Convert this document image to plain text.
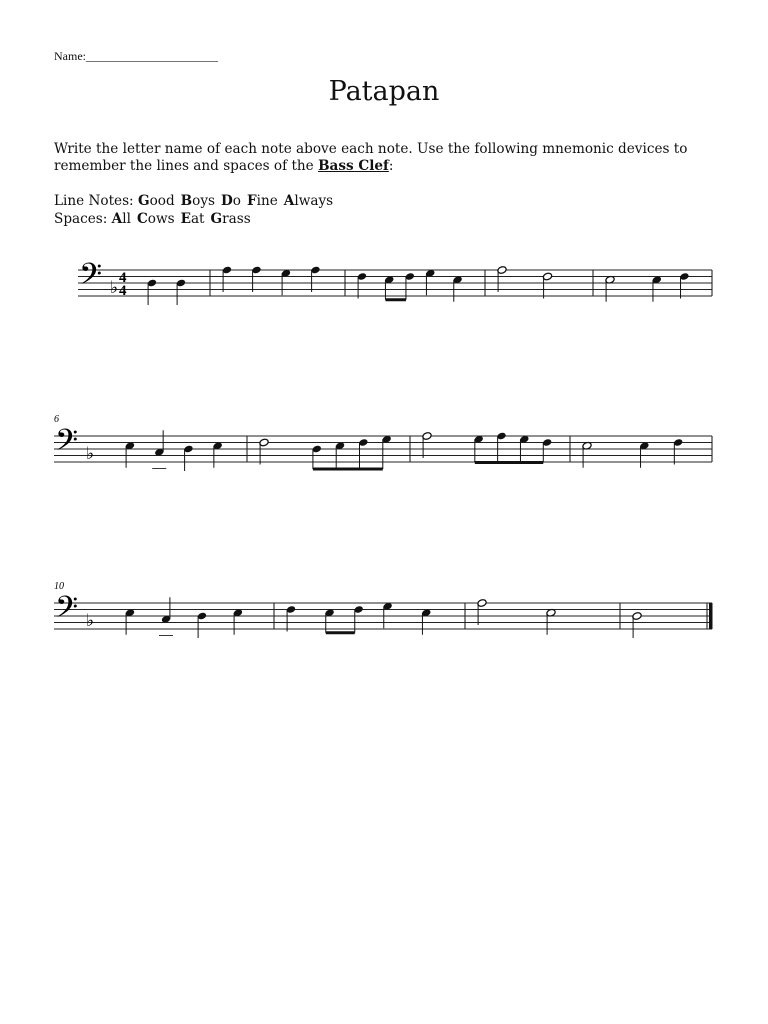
Name:______________________
Patapan
Write the letter name of each note above each note. Use the following mnemonic devices to remember the lines and spaces of the Bass Clef:
Line Notes: Good Boys Do Fine Always
Spaces: All Cows Eat Grass
𝄢 ♭ 4
4
𝄢 ♭
6
𝄢 ♭
10
